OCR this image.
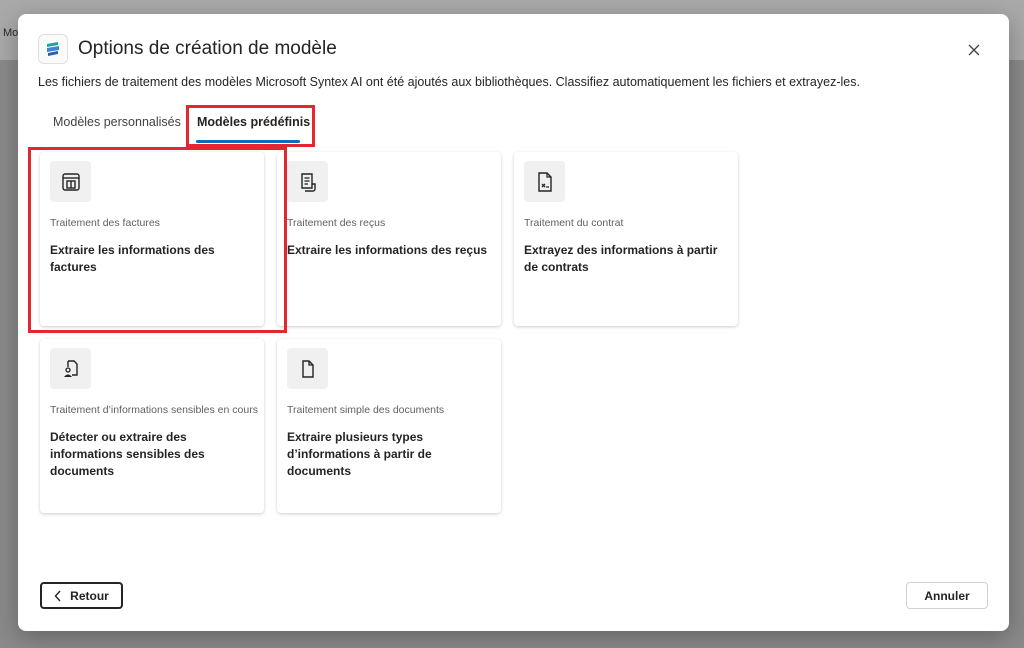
Mo
Options de création de modèle
Les fichiers de traitement des modèles Microsoft Syntex AI ont été ajoutés aux bibliothèques. Classifiez automatiquement les fichiers et extrayez-les.
Modèles personnalisés Modèles prédéfinis
Traitement des factures
Extraire les informations des factures
Traitement des reçus
Extraire les informations des reçus
Traitement du contrat
Extrayez des informations à partir de contrats
Traitement d’informations sensibles en cours
Détecter ou extraire des informations sensibles des documents
Traitement simple des documents
Extraire plusieurs types d’informations à partir de documents
Retour	Annuler
